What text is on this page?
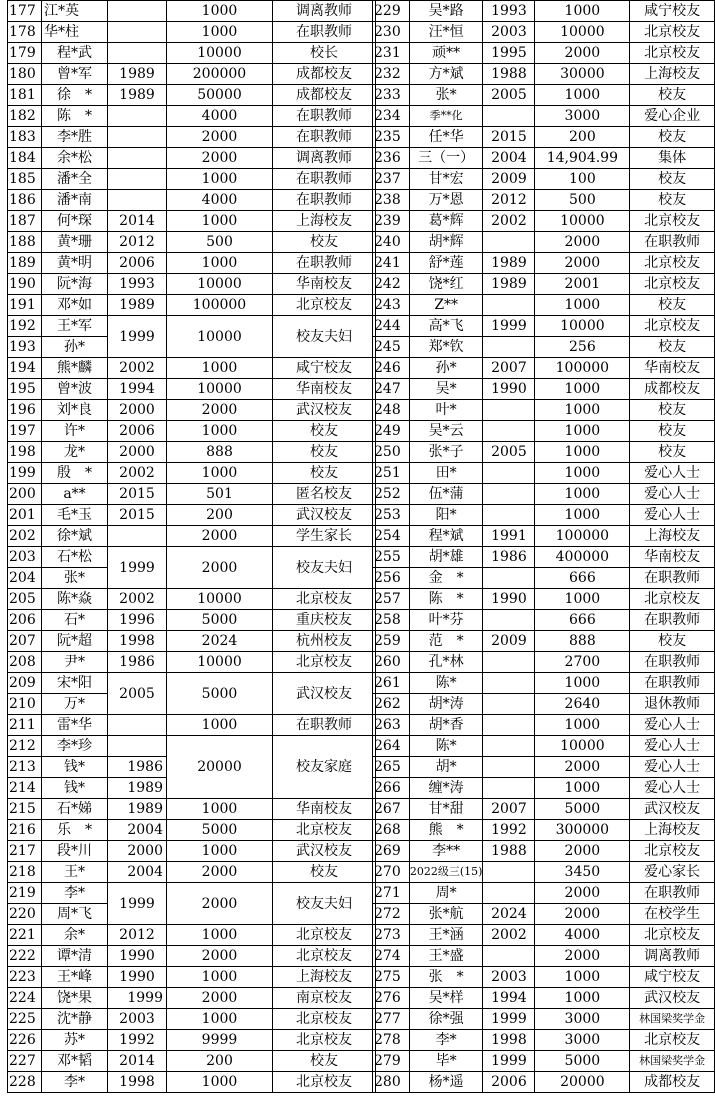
177	江*英		1000	调离教师
178	华*柱		1000	在职教师
179	程*武		10000	校长
180	曾*军	1989	200000	成都校友
181	徐　*	1989	50000	成都校友
182	陈　*		4000	在职教师
183	李*胜		2000	在职教师
184	余*松		2000	调离教师
185	潘*全		1000	在职教师
186	潘*南		4000	在职教师
187	何*琛	2014	1000	上海校友
188	黄*珊	2012	500	校友
189	黄*明	2006	1000	在职教师
190	阮*海	1993	10000	华南校友
191	邓*如	1989	100000	北京校友
192	王*军	1999	10000	校友夫妇
193	孙*			
194	熊*麟	2002	1000	咸宁校友
195	曾*波	1994	10000	华南校友
196	刘*良	2000	2000	武汉校友
197	许*	2006	1000	校友
198	龙*	2000	888	校友
199	殷　*	2002	1000	校友
200	a**	2015	501	匿名校友
201	毛*玉	2015	200	武汉校友
202	徐*斌		2000	学生家长
203	石*松	1999	2000	校友夫妇
204	张*			
205	陈*焱	2002	10000	北京校友
206	石*	1996	5000	重庆校友
207	阮*超	1998	2024	杭州校友
208	尹*	1986	10000	北京校友
209	宋*阳	2005	5000	武汉校友
210	万*			
211	雷*华		1000	在职教师
212	李*珍		20000	校友家庭
213	钱*	1986		
214	钱*	1989		
215	石*娣	1989	1000	华南校友
216	乐　*	2004	5000	北京校友
217	段*川	2000	1000	武汉校友
218	王*	2004	2000	校友
219	李*	1999	2000	校友夫妇
220	周*飞			
221	余*	2012	1000	北京校友
222	谭*清	1990	2000	北京校友
223	王*峰	1990	1000	上海校友
224	饶*果	1999	2000	南京校友
225	沈*静	2003	1000	北京校友
226	苏*	1992	9999	北京校友
227	邓*韬	2014	200	校友
228	李*	1998	1000	北京校友
229	吴*路	1993	1000	咸宁校友
230	汪*恒	2003	10000	北京校友
231	顽**	1995	2000	北京校友
232	方*斌	1988	30000	上海校友
233	张*	2005	1000	校友
234	季**化		3000	爱心企业
235	任*华	2015	200	校友
236	三（一）	2004	14,904.99	集体
237	甘*宏	2009	100	校友
238	万*恩	2012	500	校友
239	葛*辉	2002	10000	北京校友
240	胡*辉		2000	在职教师
241	舒*莲	1989	2000	北京校友
242	饶*红	1989	2001	北京校友
243	Z**		1000	校友
244	高*飞	1999	10000	北京校友
245	郑*钦		256	校友
246	孙*	2007	100000	华南校友
247	吴*	1990	1000	成都校友
248	叶*		1000	校友
249	吴*云		1000	校友
250	张*子	2005	1000	校友
251	田*		1000	爱心人士
252	伍*蒲		1000	爱心人士
253	阳*		1000	爱心人士
254	程*斌	1991	100000	上海校友
255	胡*雄	1986	400000	华南校友
256	金　*		666	在职教师
257	陈　*	1990	1000	北京校友
258	叶*芬		666	在职教师
259	范　*	2009	888	校友
260	孔*林		2700	在职教师
261	陈*		1000	在职教师
262	胡*涛		2640	退休教师
263	胡*香		1000	爱心人士
264	陈*		10000	爱心人士
265	胡*		2000	爱心人士
266	缠*涛		1000	爱心人士
267	甘*甜	2007	5000	武汉校友
268	熊　*	1992	300000	上海校友
269	李**	1988	2000	北京校友
270	2022级三(15)		3450	爱心家长
271	周*		2000	在职教师
272	张*航	2024	2000	在校学生
273	王*涵	2002	4000	北京校友
274	王*盛		2000	调离教师
275	张　*	2003	1000	咸宁校友
276	吴*样	1994	1000	武汉校友
277	徐*强	1999	3000	林国梁奖学金
278	李*	1998	3000	北京校友
279	毕*	1999	5000	林国梁奖学金
280	杨*遥	2006	20000	成都校友
